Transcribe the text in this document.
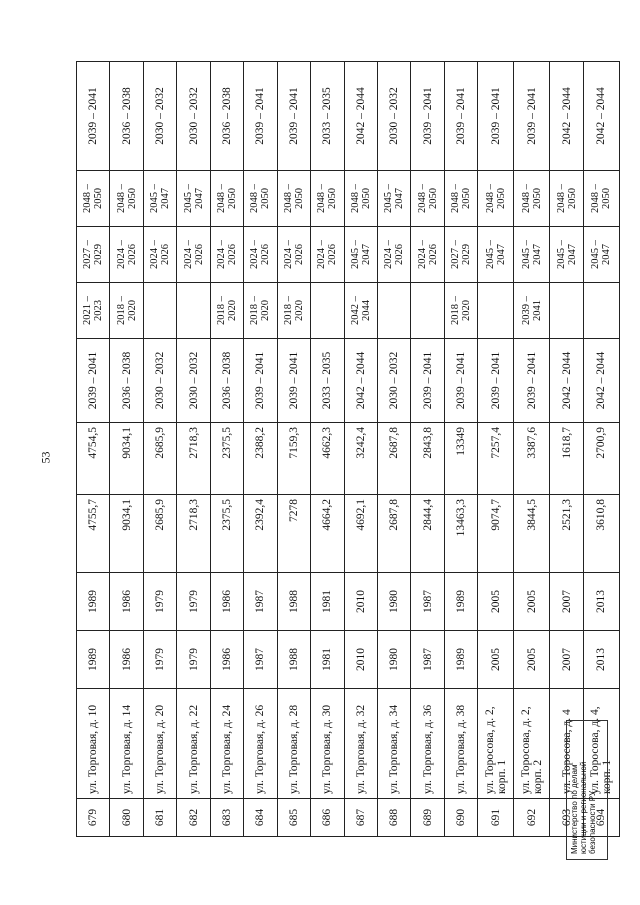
53
679	ул. Торговая, д. 10	1989	1989	4755,7	4754,5	2039 – 2041	2021 – 2023	2027 – 2029	2048 – 2050	2039 – 2041
680	ул. Торговая, д. 14	1986	1986	9034,1	9034,1	2036 – 2038	2018 – 2020	2024 – 2026	2048 – 2050	2036 – 2038
681	ул. Торговая, д. 20	1979	1979	2685,9	2685,9	2030 – 2032		2024 – 2026	2045 – 2047	2030 – 2032
682	ул. Торговая, д. 22	1979	1979	2718,3	2718,3	2030 – 2032		2024 – 2026	2045 – 2047	2030 – 2032
683	ул. Торговая, д. 24	1986	1986	2375,5	2375,5	2036 – 2038	2018 – 2020	2024 – 2026	2048 – 2050	2036 – 2038
684	ул. Торговая, д. 26	1987	1987	2392,4	2388,2	2039 – 2041	2018 – 2020	2024 – 2026	2048 – 2050	2039 – 2041
685	ул. Торговая, д. 28	1988	1988	7278	7159,3	2039 – 2041	2018 – 2020	2024 – 2026	2048 – 2050	2039 – 2041
686	ул. Торговая, д. 30	1981	1981	4664,2	4662,3	2033 – 2035		2024 – 2026	2048 – 2050	2033 – 2035
687	ул. Торговая, д. 32	2010	2010	4692,1	3242,4	2042 – 2044	2042 – 2044	2045 – 2047	2048 – 2050	2042 – 2044
688	ул. Торговая, д. 34	1980	1980	2687,8	2687,8	2030 – 2032		2024 – 2026	2045 – 2047	2030 – 2032
689	ул. Торговая, д. 36	1987	1987	2844,4	2843,8	2039 – 2041		2024 – 2026	2048 – 2050	2039 – 2041
690	ул. Торговая, д. 38	1989	1989	13463,3	13349	2039 – 2041	2018 – 2020	2027 – 2029	2048 – 2050	2039 – 2041
691	ул. Торосова, д. 2, корп. 1	2005	2005	9074,7	7257,4	2039 – 2041		2045 – 2047	2048 – 2050	2039 – 2041
692	ул. Торосова, д. 2, корп. 2	2005	2005	3844,5	3387,6	2039 – 2041	2039 – 2041	2045 – 2047	2048 – 2050	2039 – 2041
693	ул. Торосова, д. 4	2007	2007	2521,3	1618,7	2042 – 2044		2045 – 2047	2048 – 2050	2042 – 2044
694	ул. Торосова, д. 4, корп. 1	2013	2013	3610,8	2700,9	2042 – 2044		2045 – 2047	2048 – 2050	2042 – 2044
Министерство по делам юстиции и региональной безопасности РУ
